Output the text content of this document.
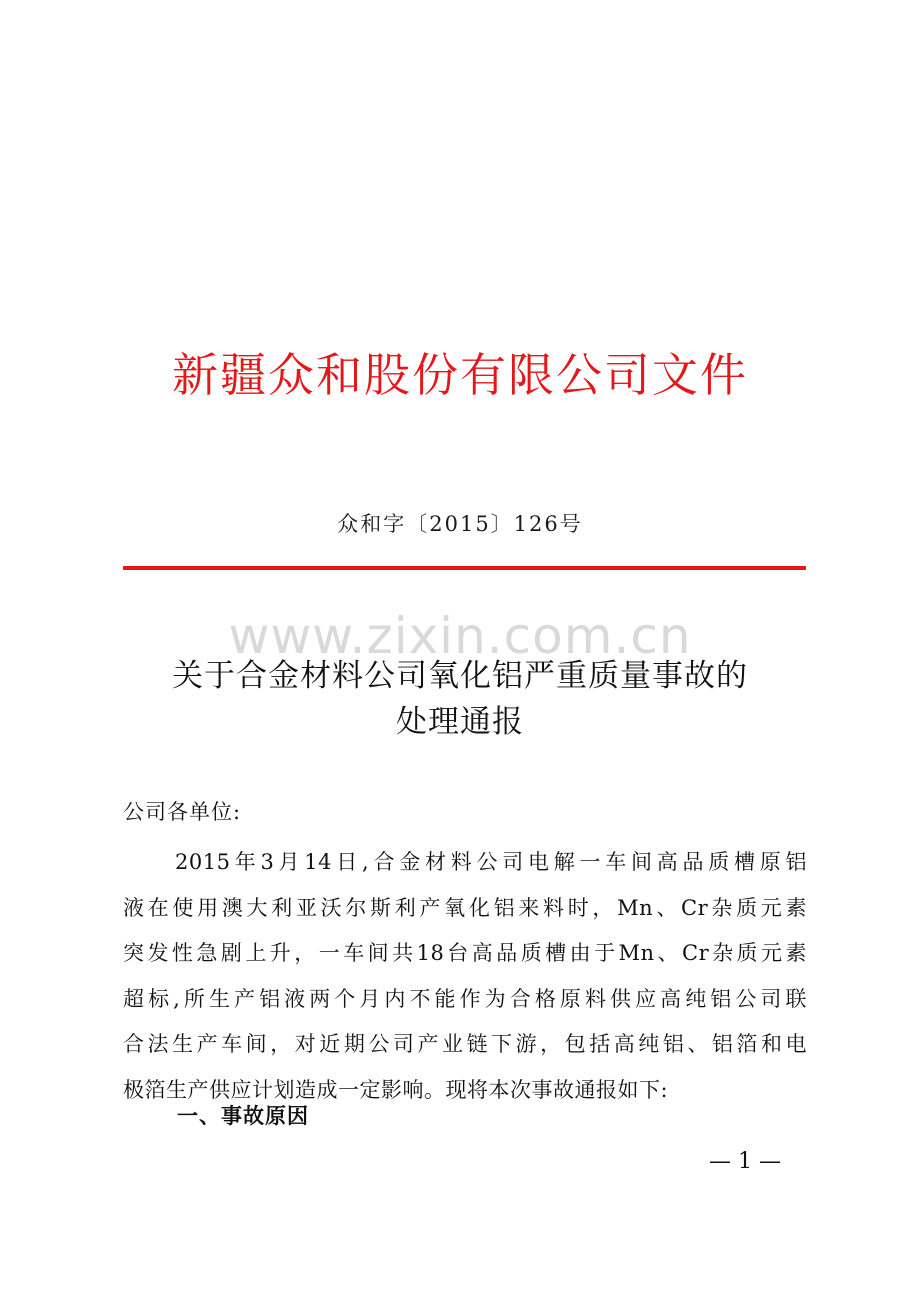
新疆众和股份有限公司文件
众和字〔2015〕126号
www.zixin.com.cn
关于合金材料公司氧化铝严重质量事故的
处理通报
公司各单位:
2015年3月14日,合金材料公司电解一车间高品质槽原铝
液在使用澳大利亚沃尔斯利产氧化铝来料时，Mn、Cr杂质元素
突发性急剧上升，一车间共18台高品质槽由于Mn、Cr杂质元素
超标,所生产铝液两个月内不能作为合格原料供应高纯铝公司联
合法生产车间，对近期公司产业链下游，包括高纯铝、铝箔和电
极箔生产供应计划造成一定影响。现将本次事故通报如下:
一、事故原因
— 1 —
